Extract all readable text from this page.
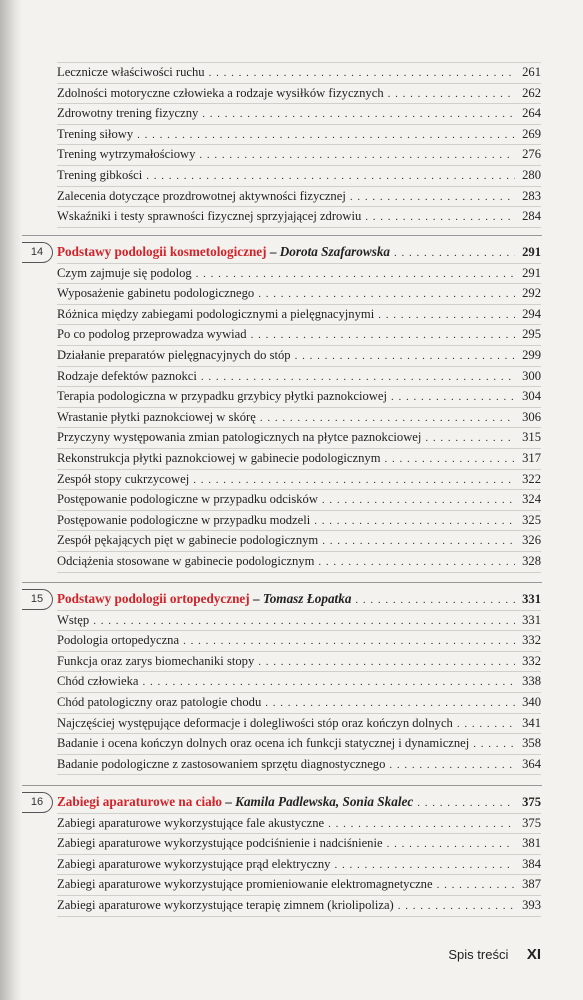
Lecznicze właściwości ruchu . . .	261
Zdolności motoryczne człowieka a rodzaje wysiłków fizycznych . . .	262
Zdrowotny trening fizyczny . . .	264
Trening siłowy . . .	269
Trening wytrzymałościowy . . .	276
Trening gibkości . . .	280
Zalecenia dotyczące prozdrowotnej aktywności fizycznej . . .	283
Wskaźniki i testy sprawności fizycznej sprzyjającej zdrowiu . . .	284
14	Podstawy podologii kosmetologicznej – Dorota Szafarowska . . .	291
Czym zajmuje się podolog . . .	291
Wyposażenie gabinetu podologicznego . . .	292
Różnica między zabiegami podologicznymi a pielęgnacyjnymi . . .	294
Po co podolog przeprowadza wywiad . . .	295
Działanie preparatów pielęgnacyjnych do stóp . . .	299
Rodzaje defektów paznokci . . .	300
Terapia podologiczna w przypadku grzybicy płytki paznokciowej . . .	304
Wrastanie płytki paznokciowej w skórę . . .	306
Przyczyny występowania zmian patologicznych na płytce paznokciowej . . .	315
Rekonstrukcja płytki paznokciowej w gabinecie podologicznym . . .	317
Zespół stopy cukrzycowej . . .	322
Postępowanie podologiczne w przypadku odcisków . . .	324
Postępowanie podologiczne w przypadku modzeli . . .	325
Zespół pękających pięt w gabinecie podologicznym . . .	326
Odciążenia stosowane w gabinecie podologicznym . . .	328
15	Podstawy podologii ortopedycznej – Tomasz Łopatka . . .	331
Wstęp . . .	331
Podologia ortopedyczna . . .	332
Funkcja oraz zarys biomechaniki stopy . . .	332
Chód człowieka . . .	338
Chód patologiczny oraz patologie chodu . . .	340
Najczęściej występujące deformacje i dolegliwości stóp oraz kończyn dolnych . . .	341
Badanie i ocena kończyn dolnych oraz ocena ich funkcji statycznej i dynamicznej . . .	358
Badanie podologiczne z zastosowaniem sprzętu diagnostycznego . . .	364
16	Zabiegi aparaturowe na ciało – Kamila Padlewska, Sonia Skalec . . .	375
Zabiegi aparaturowe wykorzystujące fale akustyczne . . .	375
Zabiegi aparaturowe wykorzystujące podciśnienie i nadciśnienie . . .	381
Zabiegi aparaturowe wykorzystujące prąd elektryczny . . .	384
Zabiegi aparaturowe wykorzystujące promieniowanie elektromagnetyczne . . .	387
Zabiegi aparaturowe wykorzystujące terapię zimnem (kriolipoliza) . . .	393
Spis treści XI
